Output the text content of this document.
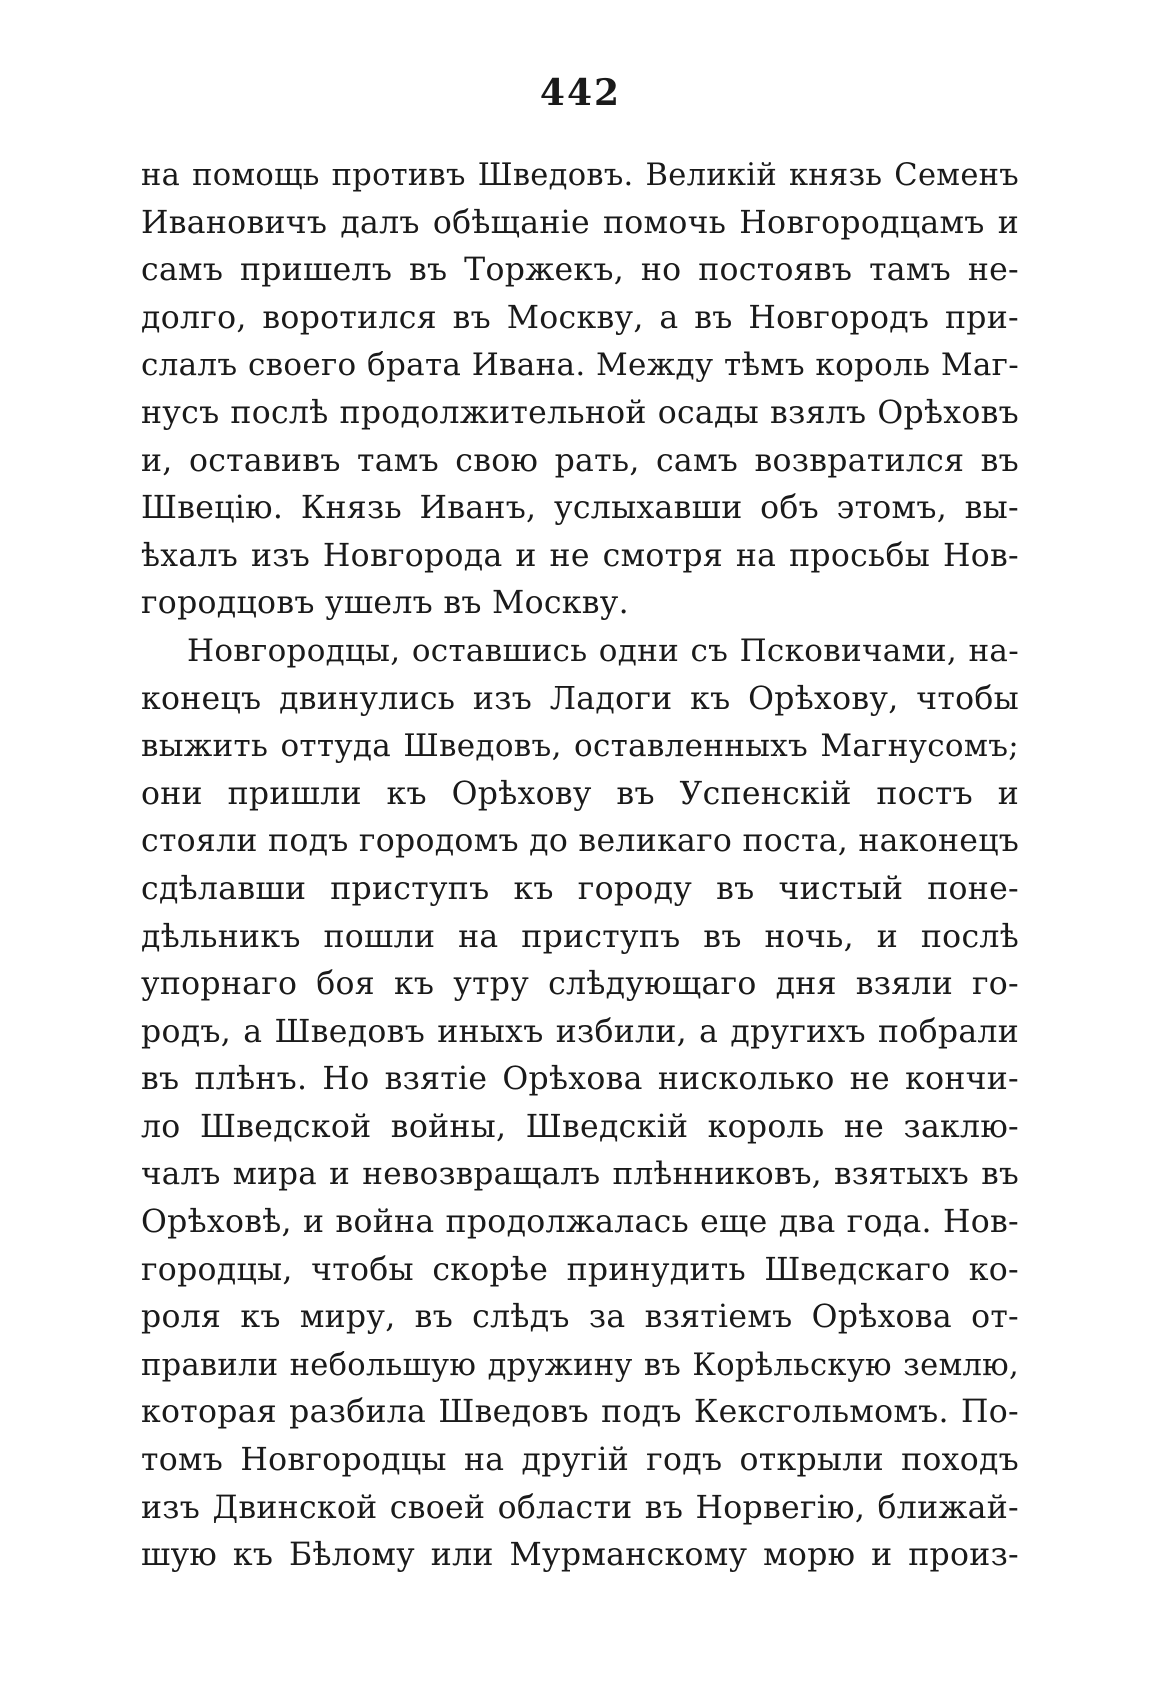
442
на помощь противъ Шведовъ. Великій князь Семенъ
Ивановичъ далъ обѣщаніе помочь Новгородцамъ и
самъ пришелъ въ Торжекъ, но постоявъ тамъ не-
долго, воротился въ Москву, а въ Новгородъ при-
слалъ своего брата Ивана. Между тѣмъ король Маг-
нусъ послѣ продолжительной осады взялъ Орѣховъ
и, оставивъ тамъ свою рать, самъ возвратился въ
Швецію. Князь Иванъ, услыхавши объ этомъ, вы-
ѣхалъ изъ Новгорода и не смотря на просьбы Нов-
городцовъ ушелъ въ Москву.
Новгородцы, оставшись одни съ Псковичами, на-
конецъ двинулись изъ Ладоги къ Орѣхову, чтобы
выжить оттуда Шведовъ, оставленныхъ Магнусомъ;
они пришли къ Орѣхову въ Успенскій постъ и
стояли подъ городомъ до великаго поста, наконецъ
сдѣлавши приступъ къ городу въ чистый поне-
дѣльникъ пошли на приступъ въ ночь, и послѣ
упорнаго боя къ утру слѣдующаго дня взяли го-
родъ, а Шведовъ иныхъ избили, а другихъ побрали
въ плѣнъ. Но взятіе Орѣхова нисколько не кончи-
ло Шведской войны, Шведскій король не заклю-
чалъ мира и невозвращалъ плѣнниковъ, взятыхъ въ
Орѣховѣ, и война продолжалась еще два года. Нов-
городцы, чтобы скорѣе принудить Шведскаго ко-
роля къ миру, въ слѣдъ за взятіемъ Орѣхова от-
правили небольшую дружину въ Корѣльскую землю,
которая разбила Шведовъ подъ Кексгольмомъ. По-
томъ Новгородцы на другій годъ открыли походъ
изъ Двинской своей области въ Норвегію, ближай-
шую къ Бѣлому или Мурманскому морю и произ-
